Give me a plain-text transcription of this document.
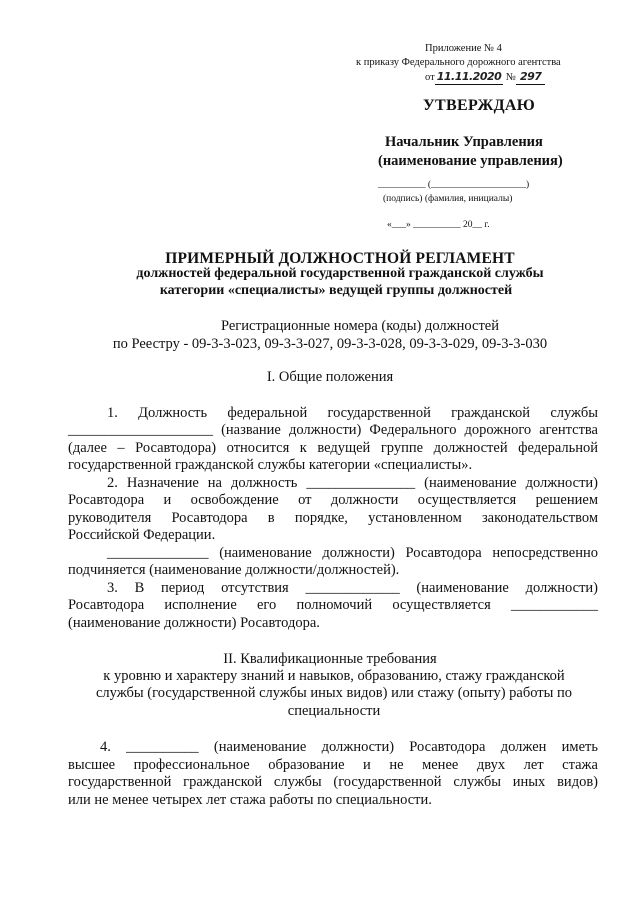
Приложение № 4
к приказу Федерального дорожного агентства
от 11.11.2020 № 297
УТВЕРЖДАЮ
Начальник Управления
(наименование управления)
__________ (____________________)
(подпись) (фамилия, инициалы)
«___» __________ 20__ г.
ПРИМЕРНЫЙ ДОЛЖНОСТНОЙ РЕГЛАМЕНТ
должностей федеральной государственной гражданской службы
категории «специалисты» ведущей группы должностей
Регистрационные номера (коды) должностей
по Реестру - 09-3-3-023, 09-3-3-027, 09-3-3-028, 09-3-3-029, 09-3-3-030
I. Общие положения
1. Должность федеральной государственной гражданской службы
____________________ (название должности) Федерального дорожного агентства
(далее – Росавтодора) относится к ведущей группе должностей федеральной
государственной гражданской службы категории «специалисты».
2. Назначение на должность _______________ (наименование должности)
Росавтодора и освобождение от должности осуществляется решением
руководителя Росавтодора в порядке, установленном законодательством
Российской Федерации.
______________ (наименование должности) Росавтодора непосредственно
подчиняется (наименование должности/должностей).
3. В период отсутствия _____________ (наименование должности)
Росавтодора исполнение его полномочий осуществляется ____________
(наименование должности) Росавтодора.
II. Квалификационные требования
к уровню и характеру знаний и навыков, образованию, стажу гражданской
службы (государственной службы иных видов) или стажу (опыту) работы по
специальности
4. __________ (наименование должности) Росавтодора должен иметь
высшее профессиональное образование и не менее двух лет стажа
государственной гражданской службы (государственной службы иных видов)
или не менее четырех лет стажа работы по специальности.
